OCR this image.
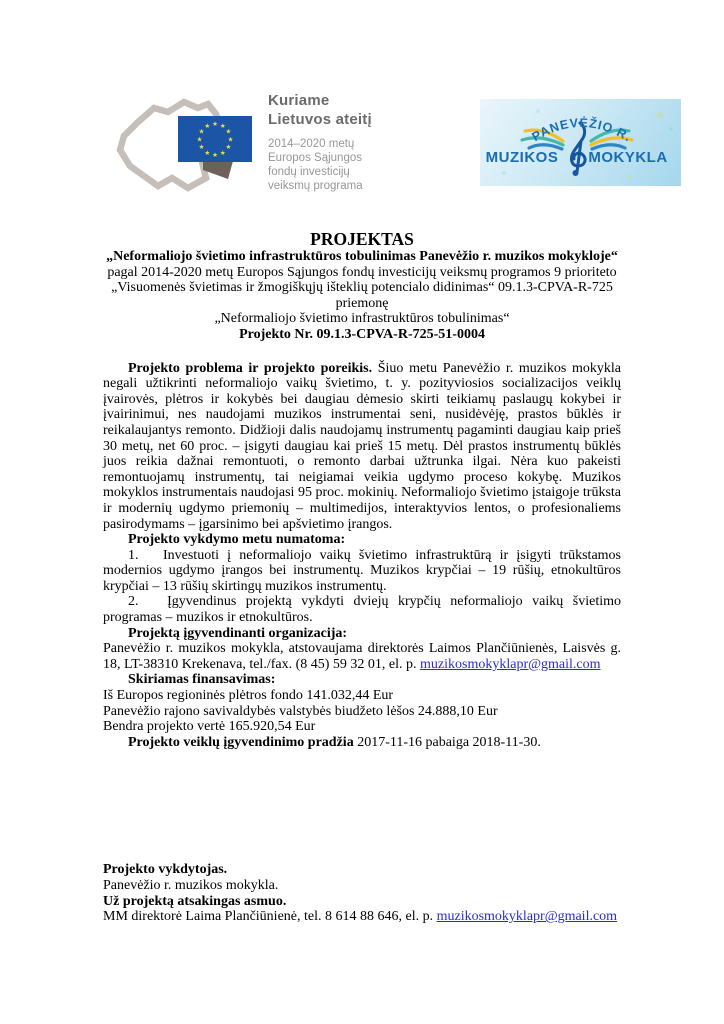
★ ★
★
★
★
★
★
★
★
★
★
★
Kuriame
Lietuvos ateitį
2014–2020 metų
Europos Sąjungos
fondų investicijų
veiksmų programa
PANEVĖŽIO R.
MUZIKOS MOKYKLA

PROJEKTAS

„Neformaliojo švietimo infrastruktūros tobulinimas Panevėžio r. muzikos mokykloje“

pagal 2014-2020 metų Europos Sąjungos fondų investicijų veiksmų programos 9 prioriteto

„Visuomenės švietimas ir žmogiškųjų išteklių potencialo didinimas“ 09.1.3-CPVA-R-725 priemonę

„Neformaliojo švietimo infrastruktūros tobulinimas“

Projekto Nr. 09.1.3-CPVA-R-725-51-0004

Projekto problema ir projekto poreikis. Šiuo metu Panevėžio r. muzikos mokykla negali užtikrinti neformaliojo vaikų švietimo, t. y. pozityviosios socializacijos veiklų įvairovės, plėtros ir kokybės bei daugiau dėmesio skirti teikiamų paslaugų kokybei ir įvairinimui, nes naudojami muzikos instrumentai seni, nusidėvėję, prastos būklės ir reikalaujantys remonto. Didžioji dalis naudojamų instrumentų pagaminti daugiau kaip prieš 30 metų, net 60 proc. – įsigyti daugiau kai prieš 15 metų. Dėl prastos instrumentų būklės juos reikia dažnai remontuoti, o remonto darbai užtrunka ilgai. Nėra kuo pakeisti remontuojamų instrumentų, tai neigiamai veikia ugdymo proceso kokybę. Muzikos mokyklos instrumentais naudojasi 95 proc. mokinių. Neformaliojo švietimo įstaigoje trūksta ir modernių ugdymo priemonių – multimedijos, interaktyvios lentos, o profesionaliems pasirodymams – įgarsinimo bei apšvietimo įrangos.

Projekto vykdymo metu numatoma:

1.   Investuoti į neformaliojo vaikų švietimo infrastruktūrą ir įsigyti trūkstamos modernios ugdymo įrangos bei instrumentų. Muzikos krypčiai – 19 rūšių, etnokultūros krypčiai – 13 rūšių skirtingų muzikos instrumentų.

2.   Įgyvendinus projektą vykdyti dviejų krypčių neformaliojo vaikų švietimo programas – muzikos ir etnokultūros.

Projektą įgyvendinanti organizacija:

Panevėžio r. muzikos mokykla, atstovaujama direktorės Laimos Plančiūnienės, Laisvės g. 18, LT-38310 Krekenava, tel./fax. (8 45) 59 32 01, el. p. muzikosmokyklapr@gmail.com

Skiriamas finansavimas:

Iš Europos regioninės plėtros fondo 141.032,44 Eur

Panevėžio rajono savivaldybės valstybės biudžeto lėšos 24.888,10 Eur

Bendra projekto vertė 165.920,54 Eur

Projekto veiklų įgyvendinimo pradžia 2017-11-16 pabaiga 2018-11-30.

Projekto vykdytojas.

Panevėžio r. muzikos mokykla.

Už projektą atsakingas asmuo.

MM direktorė Laima Plančiūnienė, tel. 8 614 88 646, el. p. muzikosmokyklapr@gmail.com
